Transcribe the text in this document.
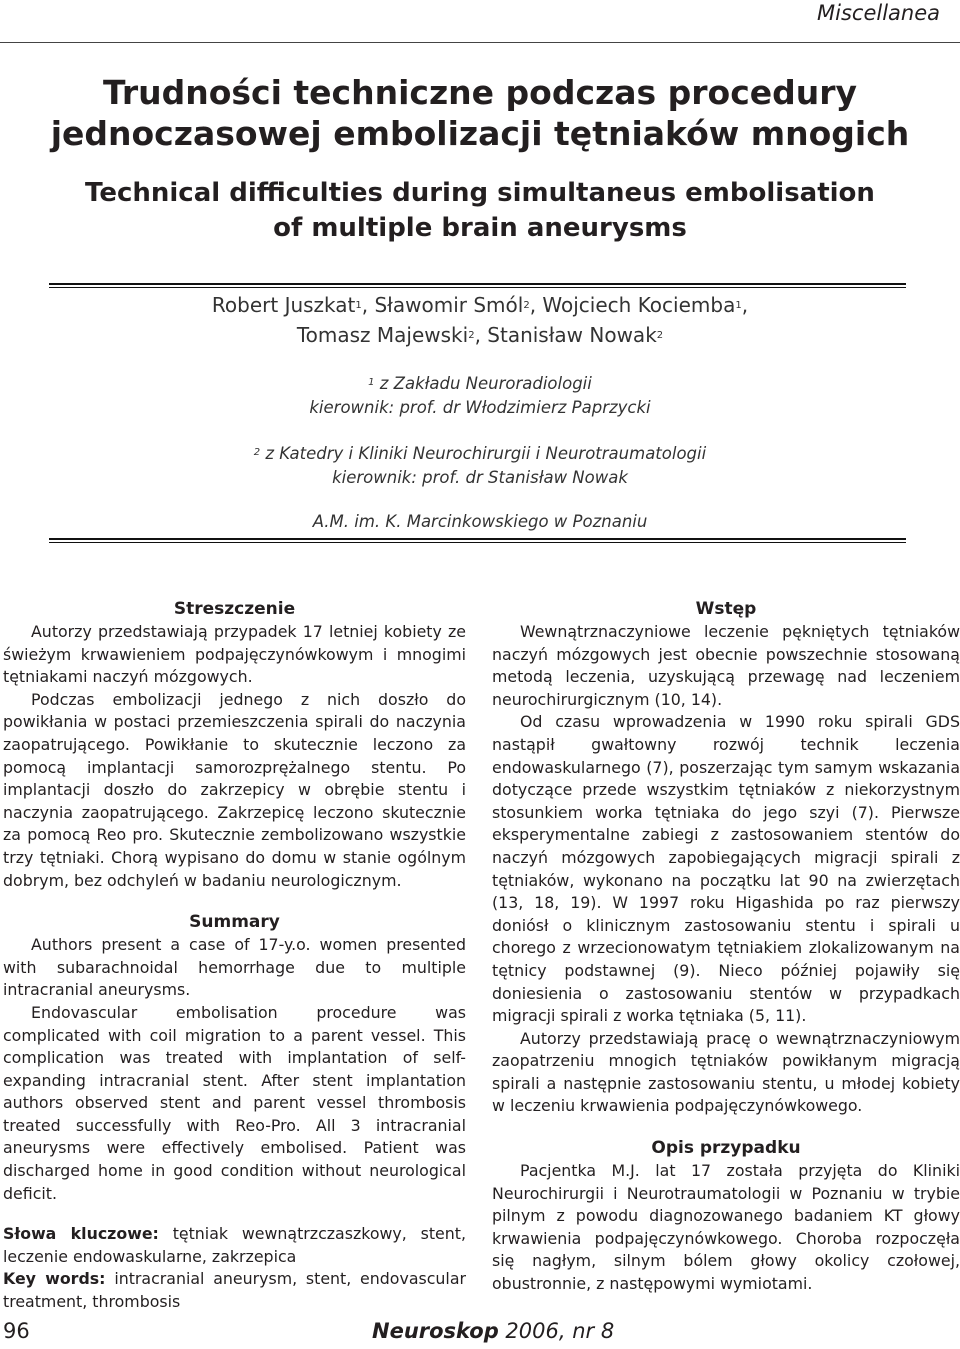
Miscellanea
Trudności techniczne podczas procedury
jednoczasowej embolizacji tętniaków mnogich
Technical difficulties during simultaneus embolisation
of multiple brain aneurysms
Robert Juszkat$^1$, Sławomir Smól$^2$, Wojciech Kociemba$^1$,
Tomasz Majewski$^2$, Stanisław Nowak$^2$
$^1$ z Zakładu Neuroradiologii
kierownik: prof. dr Włodzimierz Paprzycki
$^2$ z Katedry i Kliniki Neurochirurgii i Neurotraumatologii
kierownik: prof. dr Stanisław Nowak
A.M. im. K. Marcinkowskiego w Poznaniu
Streszczenie

Autorzy przedstawiają przypadek 17 letniej kobiety ze świeżym krwawieniem podpajęczynówkowym i mnogimi tętniakami naczyń mózgowych.

Podczas embolizacji jednego z nich doszło do powikłania w postaci przemieszczenia spirali do naczynia zaopatrującego. Powikłanie to skutecznie leczono za pomocą implantacji samorozprężalnego stentu. Po implantacji doszło do zakrzepicy w obrębie stentu i naczynia zaopatrującego. Zakrzepicę leczono skutecznie za pomocą Reo pro. Skutecznie zembolizowano wszystkie trzy tętniaki. Chorą wypisano do domu w stanie ogólnym dobrym, bez odchyleń w badaniu neurologicznym.

Summary

Authors present a case of 17-y.o. women presented with subarachnoidal hemorrhage due to multiple intracranial aneurysms.

Endovascular embolisation procedure was complicated with coil migration to a parent vessel. This complication was treated with implantation of self-expanding intracranial stent. After stent implantation authors observed stent and parent vessel thrombosis treated successfully with Reo-Pro. All 3 intracranial aneurysms were effectively embolised. Patient was discharged home in good condition without neurological deficit.

Słowa kluczowe: tętniak wewnątrzczaszkowy, stent, leczenie endowaskularne, zakrzepica

Key words: intracranial aneurysm, stent, endovascular treatment, thrombosis

Wstęp

Wewnątrznaczyniowe leczenie pękniętych tętniaków naczyń mózgowych jest obecnie powszechnie stosowaną metodą leczenia, uzyskującą przewagę nad leczeniem neurochirurgicznym (10, 14).

Od czasu wprowadzenia w 1990 roku spirali GDS nastąpił gwałtowny rozwój technik leczenia endowaskularnego (7), poszerzając tym samym wskazania dotyczące przede wszystkim tętniaków z niekorzystnym stosunkiem worka tętniaka do jego szyi (7). Pierwsze eksperymentalne zabiegi z zastosowaniem stentów do naczyń mózgowych zapobiegających migracji spirali z tętniaków, wykonano na początku lat 90 na zwierzętach (13, 18, 19). W 1997 roku Higashida po raz pierwszy doniósł o klinicznym zastosowaniu stentu i spirali u chorego z wrzecionowatym tętniakiem zlokalizowanym na tętnicy podstawnej (9). Nieco później pojawiły się doniesienia o zastosowaniu stentów w przypadkach migracji spirali z worka tętniaka (5, 11).

Autorzy przedstawiają pracę o wewnątrznaczyniowym zaopatrzeniu mnogich tętniaków powikłanym migracją spirali a następnie zastosowaniu stentu, u młodej kobiety w leczeniu krwawienia podpajęczynówkowego.

Opis przypadku

Pacjentka M.J. lat 17 została przyjęta do Kliniki Neurochirurgii i Neurotraumatologii w Poznaniu w trybie pilnym z powodu diagnozowanego badaniem KT głowy krwawienia podpajęczynówkowego. Choroba rozpoczęła się nagłym, silnym bólem głowy okolicy czołowej, obustronnie, z następowymi wymiotami.

96	Neuroskop 2006, nr 8
